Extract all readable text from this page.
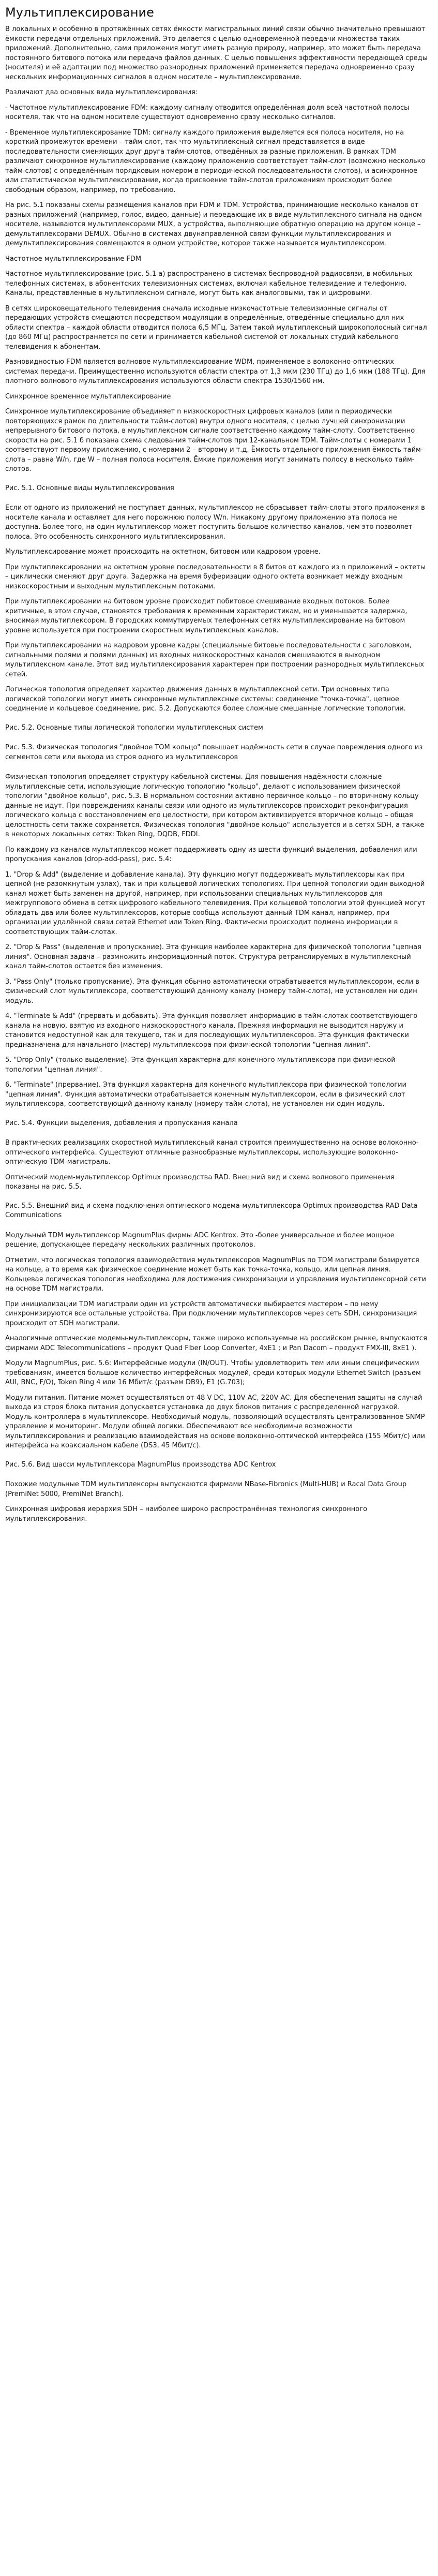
Мультиплексирование

В локальных и особенно в протяжённых сетях ёмкости магистральных линий связи обычно значительно превышают ёмкости передачи отдельных приложений. Это делается с целью одновременной передачи множества таких приложений. Дополнительно, сами приложения могут иметь разную природу, например, это может быть передача постоянного битового потока или передача файлов данных. С целью повышения эффективности передающей среды (носителя) и её адаптации под множество разнородных приложений применяется передача одновременно сразу нескольких информационных сигналов в одном носителе – мультиплексирование.

Различают два основных вида мультиплексирования:

- Частотное мультиплексирование FDM: каждому сигналу отводится определённая доля всей частотной полосы носителя, так что на одном носителе существуют одновременно сразу несколько сигналов.

- Временное мультиплексирование TDM: сигналу каждого приложения выделяется вся полоса носителя, но на короткий промежуток времени – тайм-слот, так что мультиплексный сигнал представляется в виде последовательности сменяющих друг друга тайм-слотов, отведённых за разные приложения. В рамках TDM различают синхронное мультиплексирование (каждому приложению соответствует тайм-слот (возможно несколько тайм-слотов) с определённым порядковым номером в периодической последовательности слотов), и асинхронное или статистическое мультиплексирование, когда присвоение тайм-слотов приложениям происходит более свободным образом, например, по требованию.

На рис. 5.1 показаны схемы размещения каналов при FDM и TDM. Устройства, принимающие несколько каналов от разных приложений (например, голос, видео, данные) и передающие их в виде мультиплексного сигнала на одном носителе, называются мультиплексорами MUX, а устройства, выполняющие обратную операцию на другом конце – демультиплексорами DEMUX. Обычно в системах двунаправленной связи функции мультиплексирования и демультиплексирования совмещаются в одном устройстве, которое также называется мультиплексором.

Частотное мультиплексирование FDM

Частотное мультиплексирование (рис. 5.1 а) распространено в системах беспроводной радиосвязи, в мобильных телефонных системах, в абонентских телевизионных системах, включая кабельное телевидение и телефонию. Каналы, представленные в мультиплексном сигнале, могут быть как аналоговыми, так и цифровыми.

В сетях широковещательного телевидения сначала исходные низкочастотные телевизионные сигналы от передающих устройств смещаются посредством модуляции в определённые, отведённые специально для них области спектра – каждой области отводится полоса 6,5 МГц. Затем такой мультиплексный широкополосный сигнал (до 860 МГц) распространяется по сети и принимается кабельной системой от локальных студий кабельного телевидения к абонентам.

Разновидностью FDM является волновое мультиплексирование WDM, применяемое в волоконно-оптических системах передачи. Преимущественно используются области спектра от 1,3 мкм (230 ТГц) до 1,6 мкм (188 ТГц). Для плотного волнового мультиплексирования используются области спектра 1530/1560 нм.

Синхронное временное мультиплексирование

Синхронное мультиплексирование объединяет n низкоскоростных цифровых каналов (или n периодически повторяющихся рамок по длительности тайм-слотов) внутри одного носителя, с целью лучшей синхронизации непрерывного битового потока, в мультиплексном сигнале соответственно каждому тайм-слоту. Соответственно скорости на рис. 5.1 б показана схема следования тайм-слотов при 12-канальном TDM. Тайм-слоты с номерами 1 соответствуют первому приложению, с номерами 2 – второму и т.д. Ёмкость отдельного приложения ёмкость тайм-слота – равна W/n, где W – полная полоса носителя. Ёмкие приложения могут занимать полосу в несколько тайм-слотов.

Рис. 5.1. Основные виды мультиплексирования

Если от одного из приложений не поступает данных, мультиплексор не сбрасывает тайм-слоты этого приложения в носителе канала и оставляет для него порожнюю полосу W/n. Никакому другому приложению эта полоса не доступна. Более того, на один мультиплексор может поступить большое количество каналов, чем это позволяет полоса. Это особенность синхронного мультиплексирования.

Мультиплексирование может происходить на октетном, битовом или кадровом уровне.

При мультиплексировании на октетном уровне последовательности в 8 битов от каждого из n приложений – октеты – циклически сменяют друг друга. Задержка на время буферизации одного октета возникает между входным низкоскоростным и выходным мультиплексным потоками.

При мультиплексировании на битовом уровне происходит побитовое смешивание входных потоков. Более критичные, в этом случае, становятся требования к временным характеристикам, но и уменьшается задержка, вносимая мультиплексором. В городских коммутируемых телефонных сетях мультиплексирование на битовом уровне используется при построении скоростных мультиплексных каналов.

При мультиплексировании на кадровом уровне кадры (специальные битовые последовательности с заголовком, сигнальными полями и полями данных) из входных низкоскоростных каналов смешиваются в выходном мультиплексном канале. Этот вид мультиплексирования характерен при построении разнородных мультиплексных сетей.

Логическая топология определяет характер движения данных в мультиплексной сети. Три основных типа логической топологии могут иметь синхронные мультиплексные системы: соединение "точка-точка", цепное соединение и кольцевое соединение, рис. 5.2. Допускаются более сложные смешанные логические топологии.

Рис. 5.2. Основные типы логической топологии мультиплексных систем

Рис. 5.3. Физическая топология "двойное ТОМ кольцо" повышает надёжность сети в случае повреждения одного из сегментов сети или выхода из строя одного из мультиплексоров

Физическая топология определяет структуру кабельной системы. Для повышения надёжности сложные мультиплексные сети, использующие логическую топологию "кольцо", делают с использованием физической топологии "двойное кольцо", рис. 5.3. В нормальном состоянии активно первичное кольцо – по вторичному кольцу данные не идут. При повреждениях каналы связи или одного из мультиплексоров происходит реконфигурация логического кольца с восстановлением его целостности, при котором активизируется вторичное кольцо – общая целостность сети также сохраняется. Физическая топология "двойное кольцо" используется и в сетях SDH, а также в некоторых локальных сетях: Token Ring, DQDB, FDDI.

По каждому из каналов мультиплексор может поддерживать одну из шести функций выделения, добавления или пропускания каналов (drop-add-pass), рис. 5.4:

1. "Drop & Add" (выделение и добавление канала). Эту функцию могут поддерживать мультиплексоры как при цепной (не разомкнутым узлах), так и при кольцевой логических топологиях. При цепной топологии один выходной канал может быть заменен на другой, например, при использовании специальных мультиплексоров для межгруппового обмена в сетях цифрового кабельного телевидения. При кольцевой топологии этой функцией могут обладать два или более мультиплексоров, которые сообща используют данный TDM канал, например, при организации удалённой связи сетей Ethernet или Token Ring. Фактически происходит подмена информации в соответствующих тайм-слотах.

2. "Drop & Pass" (выделение и пропускание). Эта функция наиболее характерна для физической топологии "цепная линия". Основная задача – размножить информационный поток. Структура ретранслируемых в мультиплексный канал тайм-слотов остается без изменения.

3. "Pass Only" (только пропускание). Эта функция обычно автоматически отрабатывается мультиплексором, если в физический слот мультиплексора, соответствующий данному каналу (номеру тайм-слота), не установлен ни один модуль.

4. "Terminate & Add" (прервать и добавить). Эта функция позволяет информацию в тайм-слотах соответствующего канала на новую, взятую из входного низкоскоростного канала. Прежняя информация не выводится наружу и становится недоступной как для текущего, так и для последующих мультиплексоров. Эта функция фактически предназначена для начального (мастер) мультиплексора при физической топологии "цепная линия".

5. "Drop Only" (только выделение). Эта функция характерна для конечного мультиплексора при физической топологии "цепная линия".

6. "Terminate" (прервание). Эта функция характерна для конечного мультиплексора при физической топологии "цепная линия". Функция автоматически отрабатывается конечным мультиплексором, если в физический слот мультиплексора, соответствующий данному каналу (номеру тайм-слота), не установлен ни один модуль.

Рис. 5.4. Функции выделения, добавления и пропускания канала

В практических реализациях скоростной мультиплексный канал строится преимущественно на основе волоконно-оптического интерфейса. Существуют отличные разнообразные мультиплексоры, использующие волоконно-оптическую TDM-магистраль.

Оптический модем-мультиплексор Optimux производства RAD. Внешний вид и схема волнового применения показаны на рис. 5.5.

Рис. 5.5. Внешний вид и схема подключения оптического модема-мультиплексора Optimux производства RAD Data Communications

Модульный TDM мультиплексор MagnumPlus фирмы ADC Kentrox. Это -более универсальное и более мощное решение, допускающее передачу нескольких различных протоколов.

Отметим, что логическая топология взаимодействия мультиплексоров MagnumPlus по TDM магистрали базируется на кольце, а то время как физическое соединение может быть как точка-точка, кольцо, или цепная линия. Кольцевая логическая топология необходима для достижения синхронизации и управления мультиплексорной сети на основе TDM магистрали.

При инициализации TDM магистрали один из устройств автоматически выбирается мастером – по нему синхронизируются все остальные устройства. При подключении мультиплексоров через сеть SDH, синхронизация происходит от SDH магистрали.

Аналогичные оптические модемы-мультиплексоры, также широко используемые на российском рынке, выпускаются фирмами ADC Telecommunications – продукт Quad Fiber Loop Converter, 4xE1 ; и Pan Dacom – продукт FMX-III, 8xE1 ).

Модули MagnumPlus, рис. 5.6: Интерфейсные модули (IN/OUT). Чтобы удовлетворить тем или иным специфическим требованиям, имеется большое количество интерфейсных модулей, среди которых модули Ethernet Switch (разъем AUI, BNC, F/O), Token Ring 4 или 16 Мбит/с (разъем DB9), E1 (G.703);

Модули питания. Питание может осуществляться от 48 V DC, 110V AC, 220V AC. Для обеспечения защиты на случай выхода из строя блока питания допускается установка до двух блоков питания с распределенной нагрузкой. Модуль контроллера в мультиплексоре. Необходимый модуль, позволяющий осуществлять централизованное SNMP управление и мониторинг. Модули общей логики. Обеспечивают все необходимые возможности мультиплексирования и реализацию взаимодействия на основе волоконно-оптической интерфейса (155 Мбит/с) или интерфейса на коаксиальном кабеле (DS3, 45 Мбит/с).

Рис. 5.6. Вид шасси мультиплексора MagnumPlus производства ADC Kentrox

Похожие модульные TDM мультиплексоры выпускаются фирмами NBase-Fibronics (Multi-HUB) и Racal Data Group (PremiNet 5000, PremiNet Branch).

Синхронная цифровая иерархия SDH – наиболее широко распространённая технология синхронного мультиплексирования.
